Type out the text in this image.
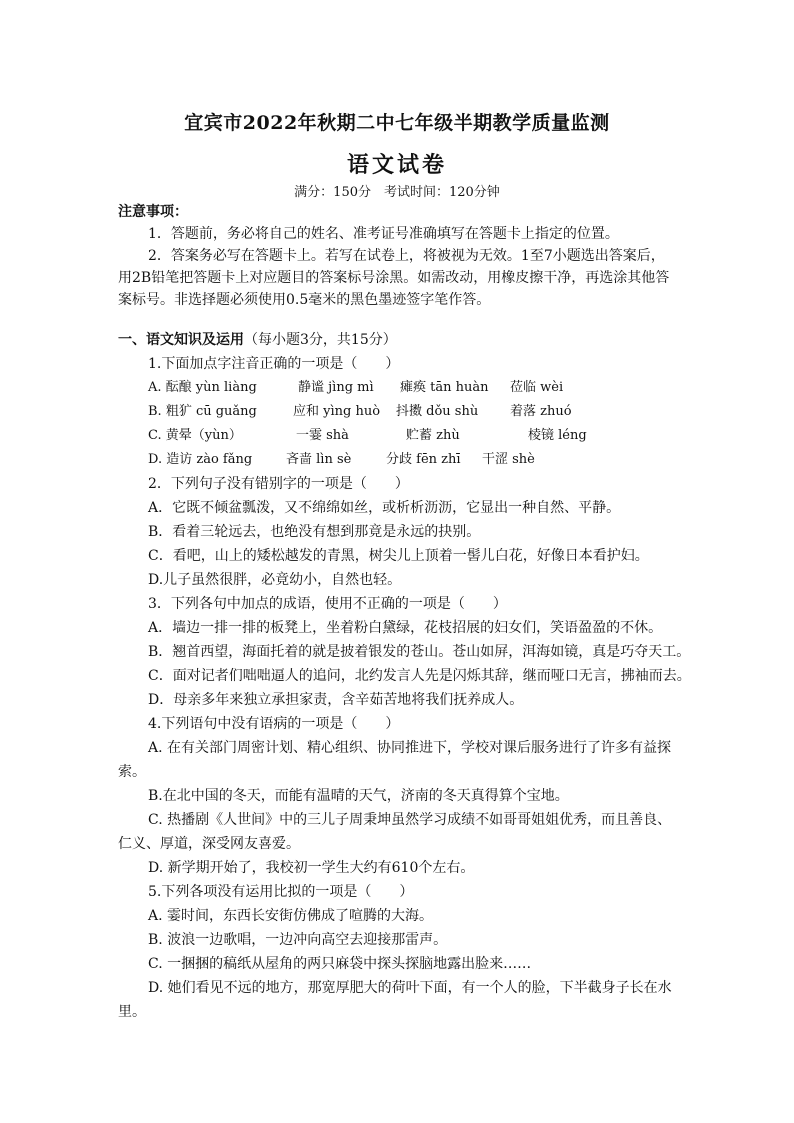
宜宾市2022年秋期二中七年级半期教学质量监测
语文试卷
满分：150分　考试时间：120分钟
注意事项：
1．答题前，务必将自己的姓名、准考证号准确填写在答题卡上指定的位置。
2．答案务必写在答题卡上。若写在试卷上，将被视为无效。1至7小题选出答案后，
用2B铅笔把答题卡上对应题目的答案标号涂黑。如需改动，用橡皮擦干净，再选涂其他答
案标号。非选择题必须使用0.5毫米的黑色墨迹签字笔作答。
一、语文知识及运用（每小题3分，共15分）
1.下面加点字注音正确的一项是（　　）
A. 酝酿 yùn liàng	静谧 jìng mì 瘫痪 tān huàn 莅临 wèi
B. 粗犷 cū guǎng	应和 yìng huò 抖擞 dǒu shù 着落 zhuó
C. 黄晕（yùn）	一霎 shà	贮蓄 zhù	棱镜 léng
D. 造访 zào fǎng	吝啬 lìn sè	分歧 fēn zhī 干涩 shè
2．下列句子没有错别字的一项是（　　）
A．它既不倾盆瓢泼，又不绵绵如丝，或析析沥沥，它显出一种自然、平静。
B．看着三轮远去，也绝没有想到那竟是永远的抉别。
C．看吧，山上的矮松越发的青黑，树尖儿上顶着一髻儿白花，好像日本看护妇。
D.儿子虽然很胖，必竟幼小，自然也轻。
3．下列各句中加点的成语，使用不正确的一项是（　　）
A．墙边一排一排的板凳上，坐着粉白黛绿，花枝招展的妇女们，笑语盈盈的不休。
B．翘首西望，海面托着的就是披着银发的苍山。苍山如屏，洱海如镜，真是巧夺天工。
C．面对记者们咄咄逼人的追问，北约发言人先是闪烁其辞，继而哑口无言，拂袖而去。
D．母亲多年来独立承担家责，含辛茹苦地将我们抚养成人。
4.下列语句中没有语病的一项是（　　）
A. 在有关部门周密计划、精心组织、协同推进下，学校对课后服务进行了许多有益探
索。
B.在北中国的冬天，而能有温晴的天气，济南的冬天真得算个宝地。
C. 热播剧《人世间》中的三儿子周秉坤虽然学习成绩不如哥哥姐姐优秀，而且善良、
仁义、厚道，深受网友喜爱。
D. 新学期开始了，我校初一学生大约有610个左右。
5.下列各项没有运用比拟的一项是（　　）
A. 霎时间，东西长安街仿佛成了喧腾的大海。
B. 波浪一边歌唱，一边冲向高空去迎接那雷声。
C. 一捆捆的稿纸从屋角的两只麻袋中探头探脑地露出脸来……
D. 她们看见不远的地方，那宽厚肥大的荷叶下面，有一个人的脸，下半截身子长在水
里。
